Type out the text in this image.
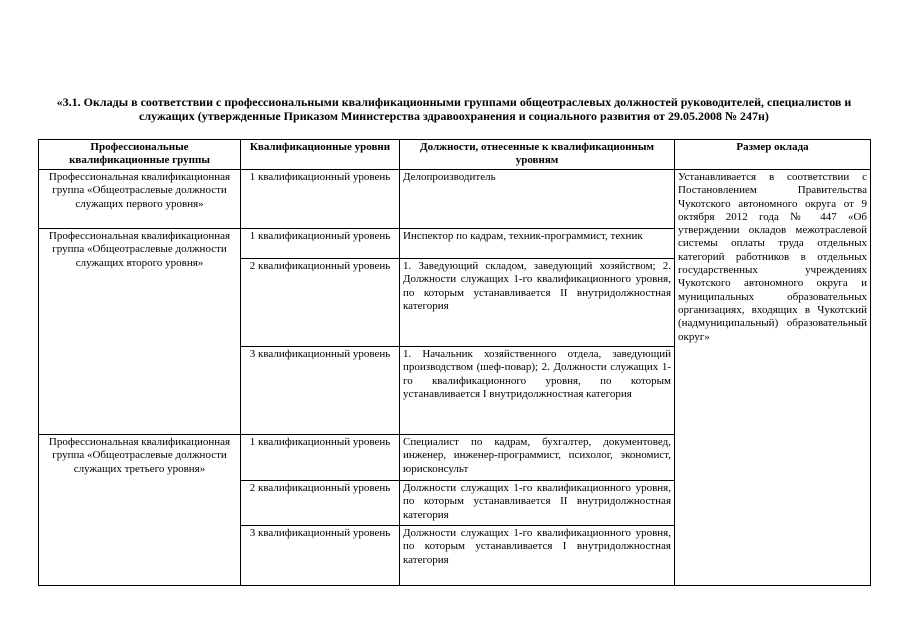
«3.1. Оклады в соответствии с профессиональными квалификационными группами общеотраслевых должностей руководителей, специалистов и служащих (утвержденные Приказом Министерства здравоохранения и социального развития от 29.05.2008 № 247н)

Профессиональные квалификационные группы	Квалификационные уровни	Должности, отнесенные к квалификационным уровням	Размер оклада
Профессиональная квалификационная группа «Общеотраслевые должности служащих первого уровня»	1 квалификационный уровень	Делопроизводитель	Устанавливается в соответствии с Постановлением Правительства Чукотского автономного округа от 9 октября 2012 года № 447 «Об утверждении окладов межотраслевой системы оплаты труда отдельных категорий работников в отдельных государственных учреждениях Чукотского автономного округа и муниципальных образовательных организациях, входящих в Чукотский (надмуниципальный) образовательный округ»
Профессиональная квалификационная группа «Общеотраслевые должности служащих второго уровня»	1 квалификационный уровень	Инспектор по кадрам, техник-программист, техник	
	2 квалификационный уровень	1. Заведующий складом, заведующий хозяйством; 2. Должности служащих 1-го квалификационного уровня, по которым устанавливается II внутридолжностная категория	
	3 квалификационный уровень	1. Начальник хозяйственного отдела, заведующий производством (шеф-повар); 2. Должности служащих 1-го квалификационного уровня, по которым устанавливается I внутридолжностная категория	
Профессиональная квалификационная группа «Общеотраслевые должности служащих третьего уровня»	1 квалификационный уровень	Специалист по кадрам, бухгалтер, документовед, инженер, инженер-программист, психолог, экономист, юрисконсульт	
	2 квалификационный уровень	Должности служащих 1-го квалификационного уровня, по которым устанавливается II внутридолжностная категория	
	3 квалификационный уровень	Должности служащих 1-го квалификационного уровня, по которым устанавливается I внутридолжностная категория	
